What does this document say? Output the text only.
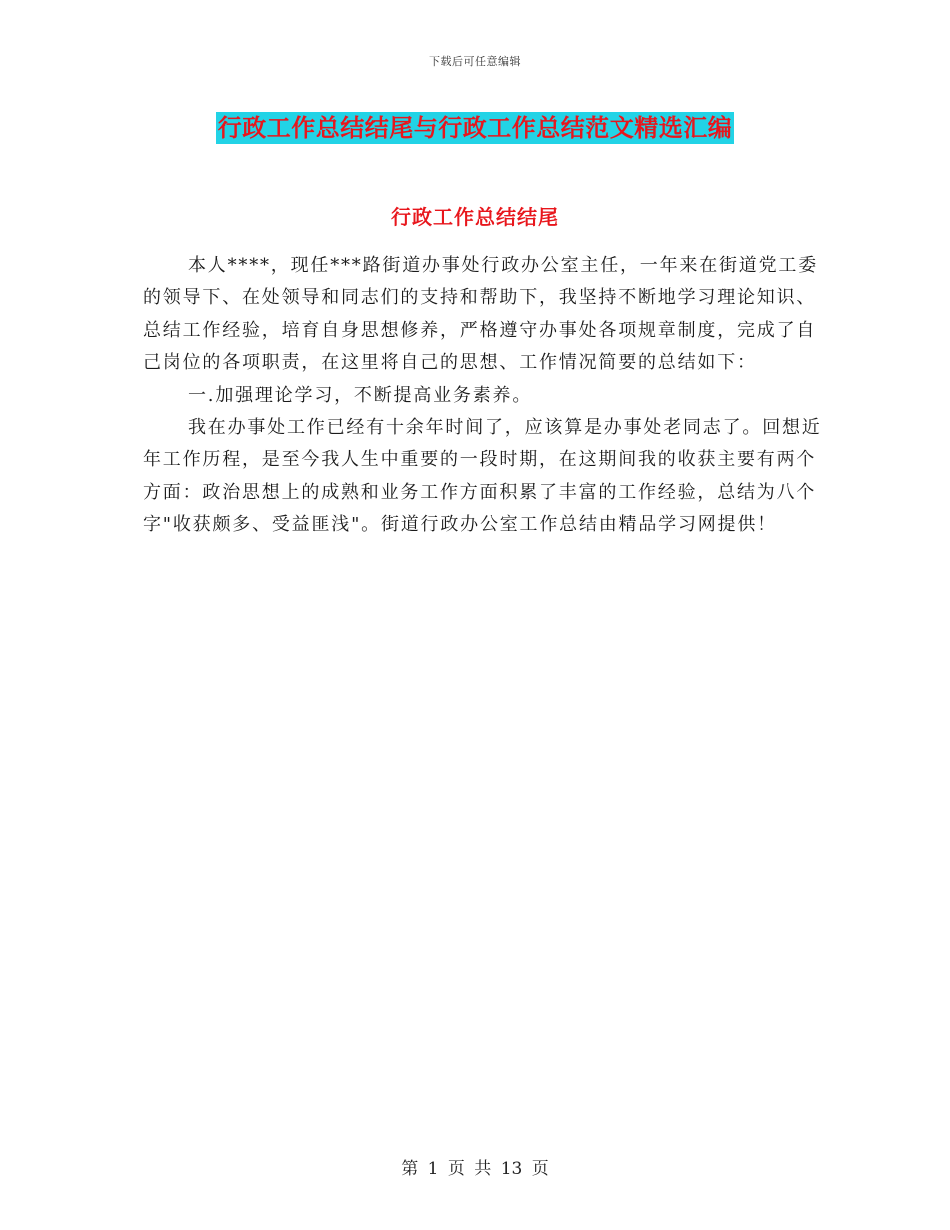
下载后可任意编辑
行政工作总结结尾与行政工作总结范文精选汇编
行政工作总结结尾

本人****，现任***路街道办事处行政办公室主任，一年来在街道党工委的领导下、在处领导和同志们的支持和帮助下，我坚持不断地学习理论知识、总结工作经验，培育自身思想修养，严格遵守办事处各项规章制度，完成了自己岗位的各项职责，在这里将自己的思想、工作情况简要的总结如下：

一.加强理论学习，不断提高业务素养。

我在办事处工作已经有十余年时间了，应该算是办事处老同志了。回想近年工作历程，是至今我人生中重要的一段时期，在这期间我的收获主要有两个方面：政治思想上的成熟和业务工作方面积累了丰富的工作经验，总结为八个字"收获颇多、受益匪浅"。街道行政办公室工作总结由精品学习网提供！

第 1 页 共 13 页
